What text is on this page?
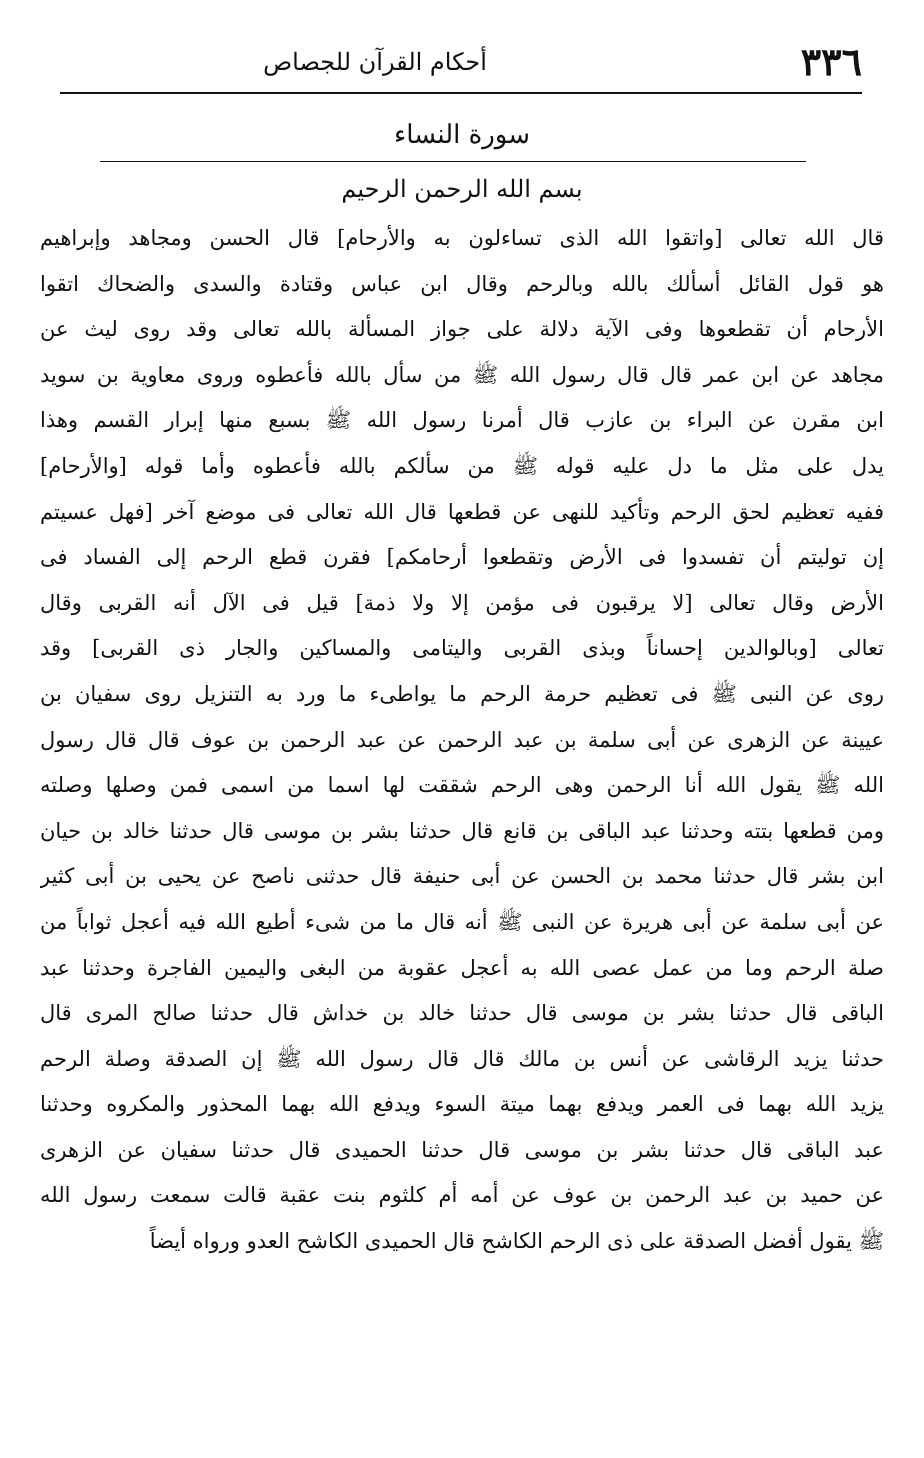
٣٣٦
أحكام القرآن للجصاص
سورة النساء
بسم الله الرحمن الرحيم
قال الله تعالى [واتقوا الله الذى تساءلون به والأرحام] قال الحسن ومجاهد وإبراهيم
هو قول القائل أسألك بالله وبالرحم وقال ابن عباس وقتادة والسدى والضحاك اتقوا
الأرحام أن تقطعوها وفى الآية دلالة على جواز المسألة بالله تعالى وقد روى ليث عن
مجاهد عن ابن عمر قال قال رسول الله ﷺ من سأل بالله فأعطوه وروى معاوية بن سويد
ابن مقرن عن البراء بن عازب قال أمرنا رسول الله ﷺ بسبع منها إبرار القسم وهذا
يدل على مثل ما دل عليه قوله ﷺ من سألكم بالله فأعطوه وأما قوله [والأرحام]
ففيه تعظيم لحق الرحم وتأكيد للنهى عن قطعها قال الله تعالى فى موضع آخر [فهل عسيتم
إن توليتم أن تفسدوا فى الأرض وتقطعوا أرحامكم] فقرن قطع الرحم إلى الفساد فى
الأرض وقال تعالى [لا يرقبون فى مؤمن إلا ولا ذمة] قيل فى الآل أنه القربى وقال
تعالى [وبالوالدين إحساناً وبذى القربى واليتامى والمساكين والجار ذى القربى] وقد
روى عن النبى ﷺ فى تعظيم حرمة الرحم ما يواطىء ما ورد به التنزيل روى سفيان بن
عيينة عن الزهرى عن أبى سلمة بن عبد الرحمن عن عبد الرحمن بن عوف قال قال رسول
الله ﷺ يقول الله أنا الرحمن وهى الرحم شققت لها اسما من اسمى فمن وصلها وصلته
ومن قطعها بتته وحدثنا عبد الباقى بن قانع قال حدثنا بشر بن موسى قال حدثنا خالد بن حيان
ابن بشر قال حدثنا محمد بن الحسن عن أبى حنيفة قال حدثنى ناصح عن يحيى بن أبى كثير
عن أبى سلمة عن أبى هريرة عن النبى ﷺ أنه قال ما من شىء أطيع الله فيه أعجل ثواباً من
صلة الرحم وما من عمل عصى الله به أعجل عقوبة من البغى واليمين الفاجرة وحدثنا عبد
الباقى قال حدثنا بشر بن موسى قال حدثنا خالد بن خداش قال حدثنا صالح المرى قال
حدثنا يزيد الرقاشى عن أنس بن مالك قال قال رسول الله ﷺ إن الصدقة وصلة الرحم
يزيد الله بهما فى العمر ويدفع بهما ميتة السوء ويدفع الله بهما المحذور والمكروه وحدثنا
عبد الباقى قال حدثنا بشر بن موسى قال حدثنا الحميدى قال حدثنا سفيان عن الزهرى
عن حميد بن عبد الرحمن بن عوف عن أمه أم كلثوم بنت عقبة قالت سمعت رسول الله
ﷺ يقول أفضل الصدقة على ذى الرحم الكاشح قال الحميدى الكاشح العدو ورواه أيضاً
